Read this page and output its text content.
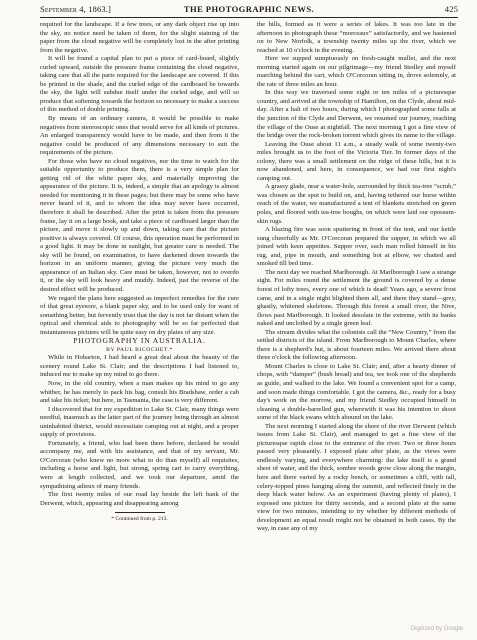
September 4, 1863.]	THE PHOTOGRAPHIC NEWS.	425

required for the landscape. If a few trees, or any dark object rise up into the sky, no notice need be taken of them, for the slight staining of the paper from the cloud negative will be completely lost in the after printing from the negative.

It will be found a capital plan to put a piece of card-board, slightly curled upward, outside the pressure frame containing the cloud negative, taking care that all the parts required for the landscape are covered. If this be printed in the shade, and the curled edge of the cardboard be towards the sky, the light will subdue itself under the curled edge, and will so produce that softening towards the horizon so necessary to make a success of this method of double printing.

By means of an ordinary camera, it would be possible to make negatives from stereoscopic ones that would serve for all kinds of pictures. An enlarged transparency would have to be made, and then from it the negative could be produced of any dimensions necessary to suit the requirements of the picture.

For those who have no cloud negatives, nor the time to watch for the suitable opportunity to produce them, there is a very simple plan for getting rid of the white paper sky, and materially improving the appearance of the picture. It is, indeed, a simple that an apology is almost needed for mentioning it in these pages; but there may be some who have never heard of it, and to whom the idea may never have occurred, therefore it shall be described. After the print is taken from the pressure frame, lay it on a large book, and take a piece of cardboard larger than the picture, and move it slowly up and down, taking care that the picture positive is always covered. Of course, this operation must be performed in a good light. It may be done in sunlight, but greater care is needed. The sky will be found, on examination, to have darkened down towards the horizon in an uniform manner, giving the picture very much the appearance of an Italian sky. Care must be taken, however, not to overdo it, or the sky will look heavy and muddy. Indeed, just the reverse of the desired effect will be produced.

We regard the plans here suggested as imperfect remedies for the cure of that great eyesore, a blank paper sky, and to be used only for want of something better, but fervently trust that the day is not far distant when the optical and chemical aids to photography will be so far perfected that instantaneous pictures will be quite easy on dry plates of any size.

PHOTOGRAPHY IN AUSTRALIA.

BY PAUL BICOCHET.*

While in Hobarton, I had heard a great deal about the beauty of the scenery round Lake St. Clair; and the descriptions I had listened to, induced me to make up my mind to go there.

Now, in the old country, when a man makes up his mind to go any whither, he has merely to pack his bag, consult his Bradshaw, order a cab and take his ticket; but here, in Tasmania, the case is very different.

I discovered that for my expedition to Lake St. Clair, many things were needful, inasmuch as the latter part of the journey being through an almost uninhabited district, would necessitate camping out at night, and a proper supply of provisions.

Fortunately, a friend, who had been there before, declared he would accompany me, and with his assistance, and that of my servant, Mr. O'Corcoran (who knew no more what to do than myself) all requisites, including a horse and light, but strong, spring cart to carry everything, were at length collected, and we took our departure, amid the sympathising adieux of many friends.

The first twenty miles of our road lay beside the left bank of the Derwent, which, appearing and disappearing among

* Continued from p. 213.

the hills, formed as it were a series of lakes. It was too late in the afternoon to photograph these “morceaux” satisfactorily, and we hastened on to New Norfolk, a township twenty miles up the river, which we reached at 10 o'clock in the evening.

Here we supped sumptuously on fresh-caught mullet, and the next morning started again on our pilgrimage—my friend Stedley and myself marching behind the cart, which O'Corcoran sitting in, drove solemnly, at the rate of three miles an hour.

In this way we traversed some eight or ten miles of a picturesque country, and arrived at the township of Hamilton, on the Clyde, about mid-day. After a halt of two hours, during which I photographed some falls at the junction of the Clyde and Derwent, we resumed our journey, reaching the village of the Ouse at nightfall. The next morning I got a fine view of the bridge over the rock-broken torrent which gives its name to the village.

Leaving the Ouse about 11 a.m., a steady walk of some twenty-two miles brought us to the foot of the Victoria Tier. In former days of the colony, there was a small settlement on the ridge of these hills, but it is now abandoned, and here, in consequence, we had our first night's camping out.

A grassy glade, near a water-hole, surrounded by thick tea-tree “scrub,” was chosen as the spot to build on, and, having tethered our horse within reach of the water, we manufactured a tent of blankets stretched on green poles, and floored with tea-tree boughs, on which were laid our opossum-skin rugs.

A blazing fire was soon sputtering in front of the tent, and our kettle sung cheerfully as Mr. O'Corcoran prepared the supper, in which we all joined with keen appetites. Supper over, each man rolled himself in his rug, and, pipe in mouth, and something hot at elbow, we chatted and smoked till bed time.

The next day we reached Marlborough. At Marlborough I saw a strange sight. For miles round the settlement the ground is covered by a dense forest of lofty trees, every one of which is dead! Years ago, a severe frost came, and in a single night blighted them all, and there they stand—grey, ghastly, whitened skeletons. Through this forest a small river, the Nive, flows past Marlborough. It looked desolate in the extreme, with its banks naked and unclothed by a single green leaf.

The stream divides what the colonists call the “New Country,” from the settled districts of the island. From Marlborough to Mount Charles, where there is a shepherd's hut, is about fourteen miles. We arrived there about three o'clock the following afternoon.

Mount Charles is close to Lake St. Clair; and, after a hearty dinner of chops, with “damper” (bush bread) and tea, we took one of the shepherds as guide, and walked to the lake. We found a convenient spot for a camp, and soon made things comfortable. I got the camera, &c., ready for a busy day's work on the morrow, and my friend Stedley occupied himself in cleaning a double-barrelled gun, wherewith it was his intention to shoot some of the black swans which abound on the lake.

The next morning I started along the shore of the river Derwent (which issues from Lake St. Clair), and managed to get a fine view of the picturesque rapids close to the entrance of the river. Two or three hours passed very pleasantly. I exposed plate after plate, as the views were endlessly varying, and everywhere charming: the lake itself is a grand sheet of water, and the thick, sombre woods grow close along the margin, here and there varied by a rocky bench, or sometimes a cliff, with tall, celery-topped pines hanging along the summit, and reflected finely in the deep black water below. As an experiment (having plenty of plates), I exposed one picture for thirty seconds, and a second plate at the same view for two minutes, intending to try whether by different methods of development an equal result might not be obtained in both cases. By the way, in case any of my

Digitized by Google
